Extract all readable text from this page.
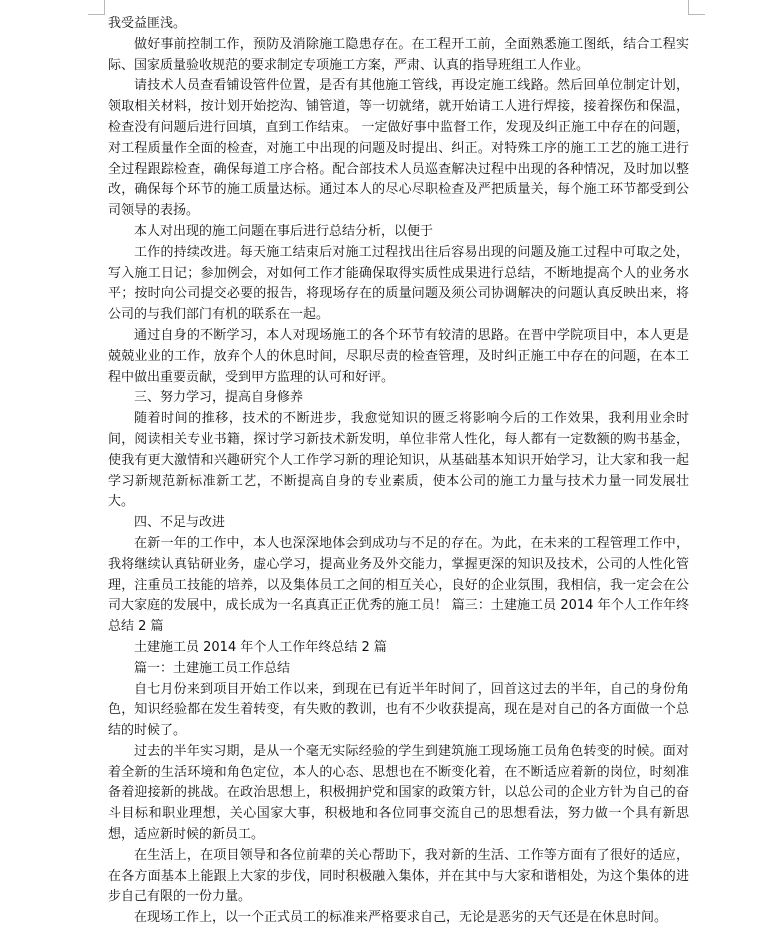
我受益匪浅。

做好事前控制工作，预防及消除施工隐患存在。在工程开工前，全面熟悉施工图纸，结合工程实际、国家质量验收规范的要求制定专项施工方案，严肃、认真的指导班组工人作业。

请技术人员查看铺设管件位置，是否有其他施工管线，再设定施工线路。然后回单位制定计划，领取相关材料，按计划开始挖沟、铺管道，等一切就绪，就开始请工人进行焊接，接着探伤和保温，检查没有问题后进行回填，直到工作结束。 一定做好事中监督工作，发现及纠正施工中存在的问题，对工程质量作全面的检查，对施工中出现的问题及时提出、纠正。对特殊工序的施工工艺的施工进行全过程跟踪检查，确保每道工序合格。配合部技术人员巡查解决过程中出现的各种情况，及时加以整改，确保每个环节的施工质量达标。通过本人的尽心尽职检查及严把质量关，每个施工环节都受到公司领导的表扬。

本人对出现的施工问题在事后进行总结分析，以便于

工作的持续改进。每天施工结束后对施工过程找出往后容易出现的问题及施工过程中可取之处，写入施工日记；参加例会，对如何工作才能确保取得实质性成果进行总结，不断地提高个人的业务水平；按时向公司提交必要的报告，将现场存在的质量问题及须公司协调解决的问题认真反映出来，将公司的与我们部门有机的联系在一起。

通过自身的不断学习，本人对现场施工的各个环节有较清的思路。在晋中学院项目中，本人更是兢兢业业的工作，放弃个人的休息时间，尽职尽责的检查管理，及时纠正施工中存在的问题，在本工程中做出重要贡献，受到甲方监理的认可和好评。

三、努力学习，提高自身修养

随着时间的推移，技术的不断进步，我愈觉知识的匮乏将影响今后的工作效果，我利用业余时间，阅读相关专业书籍，探讨学习新技术新发明，单位非常人性化，每人都有一定数额的购书基金，使我有更大激情和兴趣研究个人工作学习新的理论知识，从基础基本知识开始学习，让大家和我一起学习新规范新标准新工艺，不断提高自身的专业素质，使本公司的施工力量与技术力量一同发展壮大。

四、不足与改进

在新一年的工作中，本人也深深地体会到成功与不足的存在。为此，在未来的工程管理工作中，我将继续认真钻研业务，虚心学习，提高业务及外交能力，掌握更深的知识及技术，公司的人性化管理，注重员工技能的培养，以及集体员工之间的相互关心，良好的企业氛围，我相信，我一定会在公司大家庭的发展中，成长成为一名真真正正优秀的施工员！ 篇三：土建施工员 2014 年个人工作年终总结 2 篇

土建施工员 2014 年个人工作年终总结 2 篇

篇一：土建施工员工作总结

自七月份来到项目开始工作以来，到现在已有近半年时间了，回首这过去的半年，自己的身份角色，知识经验都在发生着转变，有失败的教训，也有不少收获提高，现在是对自己的各方面做一个总结的时候了。

过去的半年实习期，是从一个毫无实际经验的学生到建筑施工现场施工员角色转变的时候。面对着全新的生活环境和角色定位，本人的心态、思想也在不断变化着，在不断适应着新的岗位，时刻准备着迎接新的挑战。在政治思想上，积极拥护党和国家的政策方针，以总公司的企业方针为自己的奋斗目标和职业理想，关心国家大事，积极地和各位同事交流自己的思想看法，努力做一个具有新思想，适应新时候的新员工。

在生活上，在项目领导和各位前辈的关心帮助下，我对新的生活、工作等方面有了很好的适应，在各方面基本上能跟上大家的步伐，同时积极融入集体，并在其中与大家和谐相处，为这个集体的进步自己有限的一份力量。

在现场工作上，以一个正式员工的标准来严格要求自己，无论是恶劣的天气还是在休息时间。
